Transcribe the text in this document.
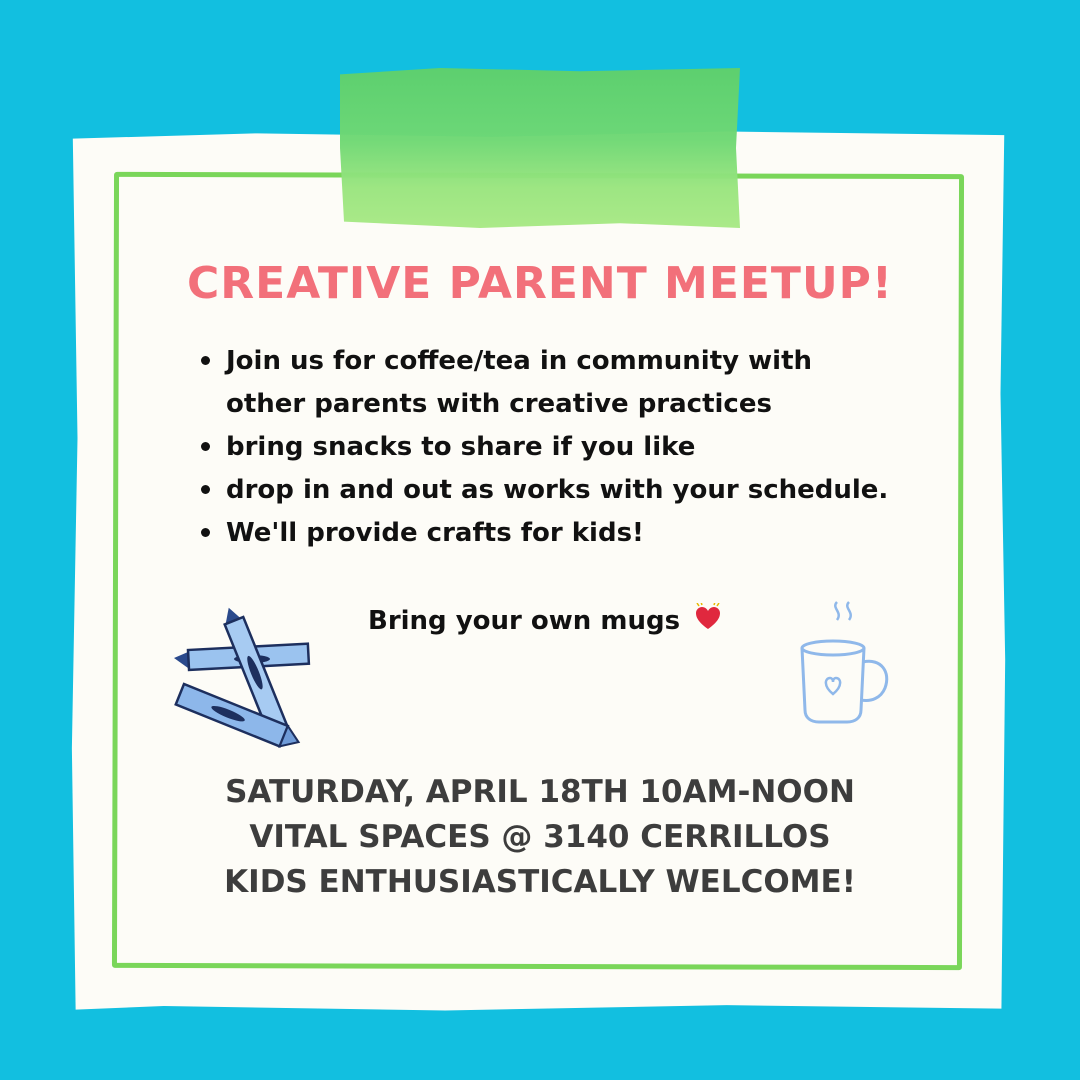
CREATIVE PARENT MEETUP!
Join us for coffee/tea in community with other parents with creative practices
bring snacks to share if you like
drop in and out as works with your schedule.
We'll provide crafts for kids!
Bring your own mugs
SATURDAY, APRIL 18TH 10AM-NOON
VITAL SPACES @ 3140 CERRILLOS
KIDS ENTHUSIASTICALLY WELCOME!
